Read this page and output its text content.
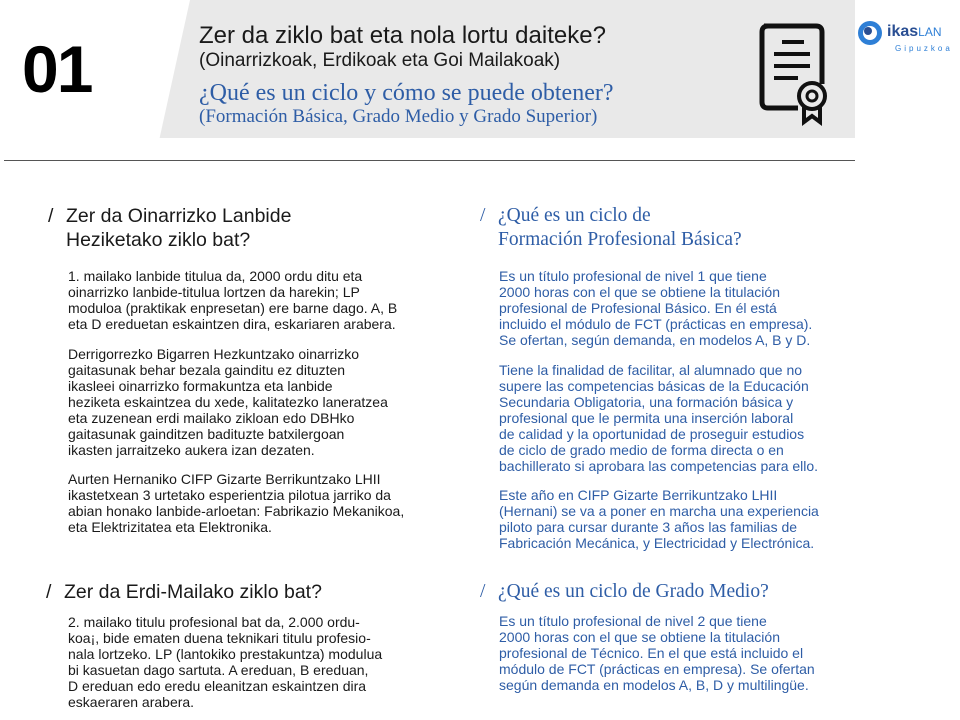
01	Zer da ziklo bat eta nola lortu daiteke?
(Oinarrizkoak, Erdikoak eta Goi Mailakoak)
¿Qué es un ciclo y cómo se puede obtener?
(Formación Básica, Grado Medio y Grado Superior)
ikasLAN
Gipuzkoa
/ Zer da Oinarrizko Lanbide
Heziketako ziklo bat?
1. mailako lanbide titulua da, 2000 ordu ditu eta
oinarrizko lanbide-titulua lortzen da harekin; LP
moduloa (praktikak enpresetan) ere barne dago. A, B
eta D ereduetan eskaintzen dira, eskariaren arabera.
Derrigorrezko Bigarren Hezkuntzako oinarrizko
gaitasunak behar bezala gainditu ez dituzten
ikasleei oinarrizko formakuntza eta lanbide
heziketa eskaintzea du xede, kalitatezko laneratzea
eta zuzenean erdi mailako zikloan edo DBHko
gaitasunak gainditzen badituzte batxilergoan
ikasten jarraitzeko aukera izan dezaten.
Aurten Hernaniko CIFP Gizarte Berrikuntzako LHII
ikastetxean 3 urtetako esperientzia pilotua jarriko da
abian honako lanbide-arloetan: Fabrikazio Mekanikoa,
eta Elektrizitatea eta Elektronika.
/ Zer da Erdi-Mailako ziklo bat?
2. mailako titulu profesional bat da, 2.000 ordu-
koa¡, bide ematen duena teknikari titulu profesio-
nala lortzeko. LP (lantokiko prestakuntza) modulua
bi kasuetan dago sartuta. A ereduan, B ereduan,
D ereduan edo eredu eleanitzan eskaintzen dira
eskaeraren arabera.
/ ¿Qué es un ciclo de
Formación Profesional Básica?
Es un título profesional de nivel 1 que tiene
2000 horas con el que se obtiene la titulación
profesional de Profesional Básico. En él está
incluido el módulo de FCT (prácticas en empresa).
Se ofertan, según demanda, en modelos A, B y D.
Tiene la finalidad de facilitar, al alumnado que no
supere las competencias básicas de la Educación
Secundaria Obligatoria, una formación básica y
profesional que le permita una inserción laboral
de calidad y la oportunidad de proseguir estudios
de ciclo de grado medio de forma directa o en
bachillerato si aprobara las competencias para ello.
Este año en CIFP Gizarte Berrikuntzako LHII
(Hernani) se va a poner en marcha una experiencia
piloto para cursar durante 3 años las familias de
Fabricación Mecánica, y Electricidad y Electrónica.
/ ¿Qué es un ciclo de Grado Medio?
Es un título profesional de nivel 2 que tiene
2000 horas con el que se obtiene la titulación
profesional de Técnico. En el que está incluido el
módulo de FCT (prácticas en empresa). Se ofertan
según demanda en modelos A, B, D y multilingüe.
